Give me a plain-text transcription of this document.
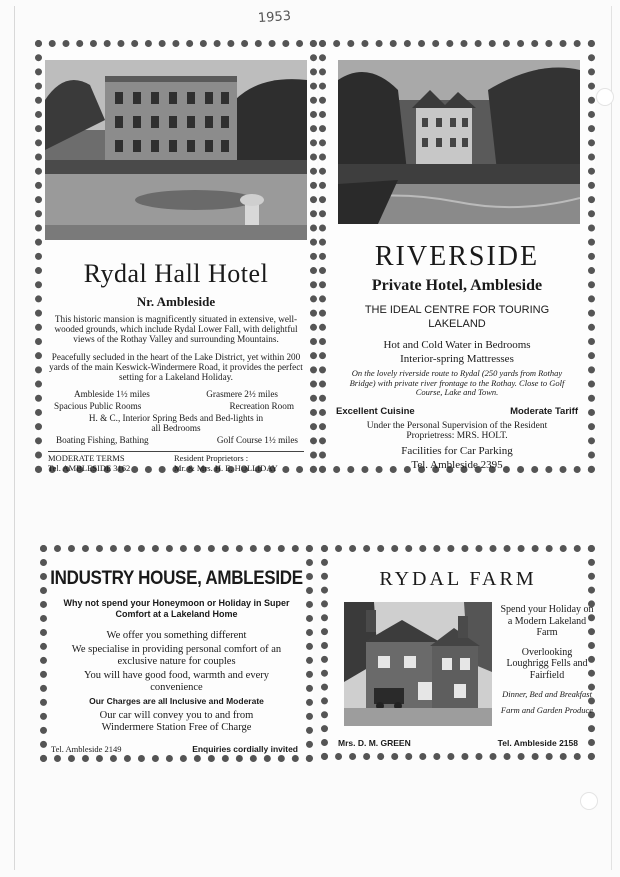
1953
Rydal Hall Hotel
Nr. Ambleside
This historic mansion is magnificently situated in extensive, well-wooded grounds, which include Rydal Lower Fall, with delightful views of the Rothay Valley and surrounding Mountains.
Peacefully secluded in the heart of the Lake District, yet within 200 yards of the main Keswick-Windermere Road, it provides the perfect setting for a Lakeland Holiday.
Ambleside 1½ miles	Grasmere 2½ miles
Spacious Public Rooms	Recreation Room
H. & C., Interior Spring Beds and Bed-lights in all Bedrooms
Boating Fishing, Bathing	Golf Course 1½ miles
MODERATE TERMS
Tel. AMBLESIDE 3162
Resident Proprietors :
Mr. & Mrs. H. E. HOLLIDAY
RIVERSIDE
Private Hotel, Ambleside
THE IDEAL CENTRE FOR TOURING LAKELAND
Hot and Cold Water in Bedrooms
Interior-spring Mattresses
On the lovely riverside route to Rydal (250 yards from Rothay Bridge) with private river frontage to the Rothay. Close to Golf Course, Lake and Town.
Excellent Cuisine	Moderate Tariff
Under the Personal Supervision of the Resident Proprietress: MRS. HOLT.
Facilities for Car Parking
Tel. Ambleside 2395
INDUSTRY HOUSE, AMBLESIDE
Why not spend your Honeymoon or Holiday in Super Comfort at a Lakeland Home
We offer you something different
We specialise in providing personal comfort of an exclusive nature for couples
You will have good food, warmth and every convenience
Our Charges are all Inclusive and Moderate
Our car will convey you to and from Windermere Station Free of Charge
Tel. Ambleside 2149	Enquiries cordially invited
RYDAL FARM
Spend your Holiday on a Modern Lakeland Farm
Overlooking Loughrigg Fells and Fairfield
Dinner, Bed and Breakfast
Farm and Garden Produce
Mrs. D. M. GREEN	Tel. Ambleside 2158
